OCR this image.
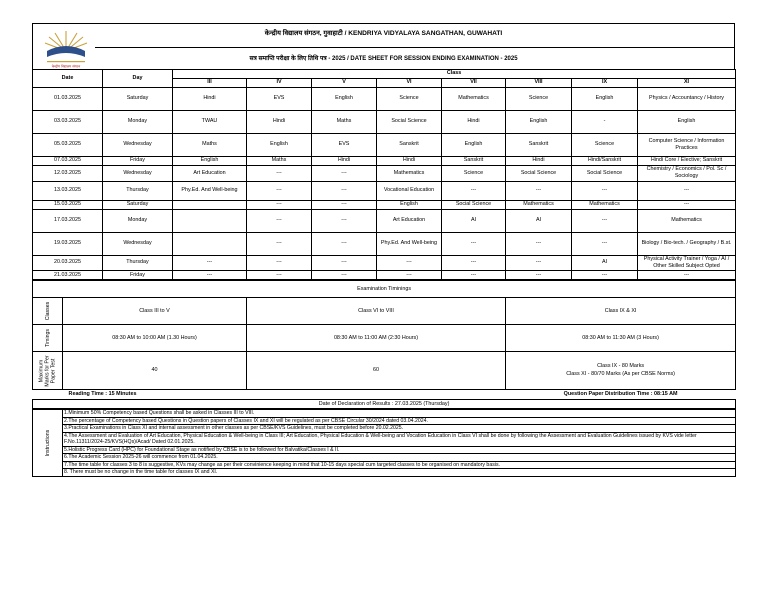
केन्द्रीय विद्यालय संगठन
केन्द्रीय विद्यालय संगठन, गुवाहाटी / KENDRIYA VIDYALAYA SANGATHAN, GUWAHATI
सत्र समाप्ति परीक्षा के लिए तिथि पत्र - 2025 / DATE SHEET FOR SESSION ENDING EXAMINATION - 2025
Date	Day	Class							
		III	IV	V	VI	VII	VIII	IX	XI
01.03.2025	Saturday	Hindi	EVS	English	Science	Mathematics	Science	English	Physics / Accountancy / History
03.03.2025	Monday	TWAU	Hindi	Maths	Social Science	Hindi	English	-	English
05.03.2025	Wednesday	Maths	English	EVS	Sanskrit	English	Sanskrit	Science	Computer Science / Information Practices
07.03.2025	Friday	English	Maths	Hindi	Hindi	Sanskrit	Hindi	Hindi/Sanskrit	Hindi Core / Elective; Sanskrit
12.03.2025	Wednesday	Art Education	---	---	Mathematics	Science	Social Science	Social Science	Chemistry / Economics / Pol. Sc / Sociology
13.03.2025	Thursday	Phy.Ed. And Well-being	---	---	Vocational Education	---	---	---	---
15.03.2025	Saturday		---	---	English	Social Science	Mathematics	Mathematics	---
17.03.2025	Monday		---	---	Art Education	AI	AI	---	Mathematics
19.03.2025	Wednesday		---	---	Phy.Ed. And Well-being	---	---	---	Biology / Bio-tech. / Geography / B.st.
20.03.2025	Thursday	---	---	---	---	---	---	AI	Physical Activity Trainer / Yoga / AI / Other Skilled Subject Opted
21.03.2025	Friday	---	---	---	---	---	---	---	---
Examination Timinings				

Classes	Class III to V		Class VI to VIII	Class IX & XI

Timings	08:30 AM to 10:00 AM (1.30 Hours)		08:30 AM to 11:00 AM (2:30 Hours)	08:30 AM to 11:30 AM (3 Hours)

Maximum Marks for Per Paper Test	40		60	Class IX - 80 Marks
Class XI - 80/70 Marks (As per CBSE Norms)

Reading Time : 15 Minutes				Question Paper Distribution Time : 08:15 AM
Date of Declaration of Results : 27.03.2025 (Thursday)				
Instructions
	1.Minimum 50% Competency based Questions shall be asked in Classes III to VIII.
2.The percentage of Competency based Questions in Question papers of Classes IX and XI will be regulated as per CBSE Circular 30/2024 dated 03.04.2024.
3.Practical Examinations in Class XI and internal assessment in other classes as per CBSE/KVS Guidelines, must be completed before 20.02.2025.
4.The Assessment and Evaluation of Art Education, Physical Education & Well-being in Class III; Art Education, Physical Education & Well-being and Vocation Education in Class VI shall be done by following the Assessment and Evaluation Guidelines issued by KVS vide letter F.No.11311/2024-25/KVS(HQs)/Acad/ Dated 02.01.2025.
5.Holistic Progress Card (HPC) for Foundational Stage as notified by CBSE is to be followed for Balvatika/Classes I & II.
6.The Academic Session 2025-26 will commence from 01.04.2025.
7.The time table for classes 3 to 8 is suggestive, KVs may change as per their convinience keeping in mind that 10-15 days special cum targeted classes to be organised on mandatory basis.
8. There must be no change in the time table for classes IX and XI.
